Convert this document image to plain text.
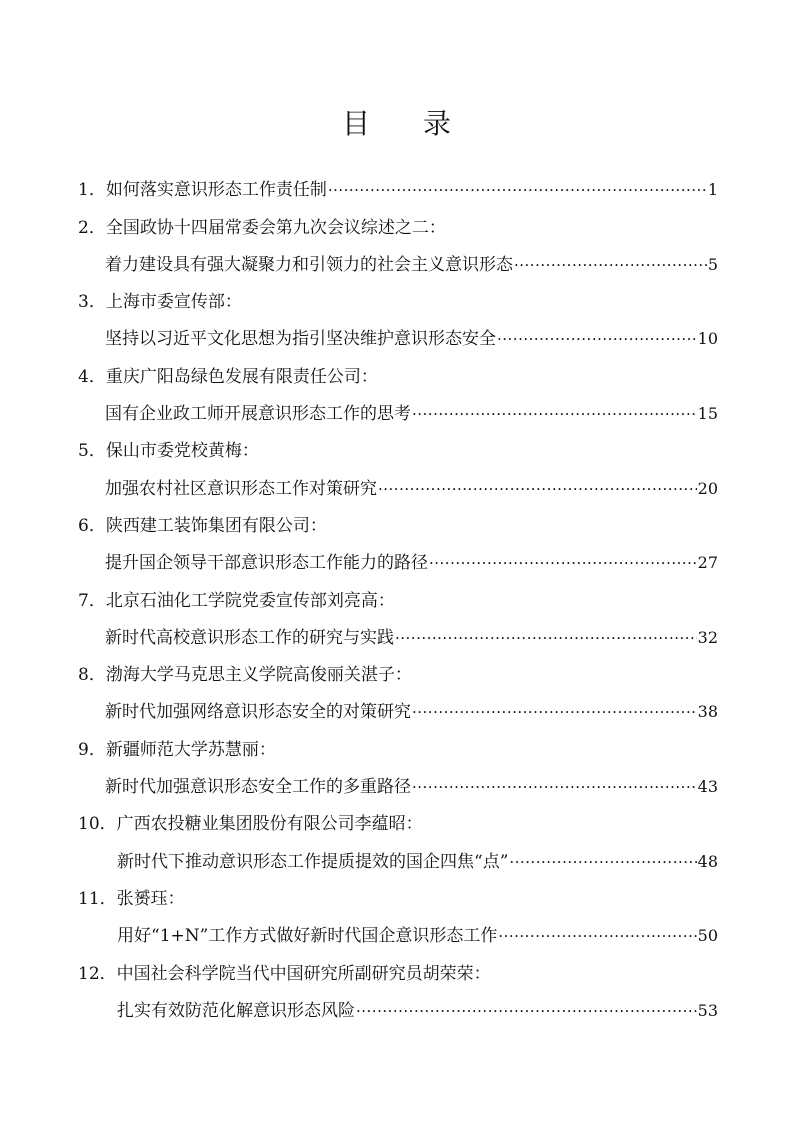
目 录
1．如何落实意识形态工作责任制 ·····	1
2． 全国政协十四届常委会第九次会议综述之二：
着力建设具有强大凝聚力和引领力的社会主义意识形态 ·····	5
3． 上海市委宣传部：
坚持以习近平文化思想为指引坚决维护意识形态安全 ·····	10
4． 重庆广阳岛绿色发展有限责任公司：
国有企业政工师开展意识形态工作的思考 ·····	15
5． 保山市委党校黄梅：
加强农村社区意识形态工作对策研究 ·····	20
6． 陕西建工装饰集团有限公司：
提升国企领导干部意识形态工作能力的路径 ·····	27
7． 北京石油化工学院党委宣传部刘亮高：
新时代高校意识形态工作的研究与实践 ·····	32
8． 渤海大学马克思主义学院高俊丽关湛子：
新时代加强网络意识形态安全的对策研究 ·····	38
9． 新疆师范大学苏慧丽：
新时代加强意识形态安全工作的多重路径 ·····	43
10． 广西农投糖业集团股份有限公司李蕴昭：
新时代下推动意识形态工作提质提效的国企四焦“点” ·····	48
11． 张赟珏：
用好“1+N”工作方式做好新时代国企意识形态工作 ·····	50
12． 中国社会科学院当代中国研究所副研究员胡荣荣：
扎实有效防范化解意识形态风险 ·····	53
